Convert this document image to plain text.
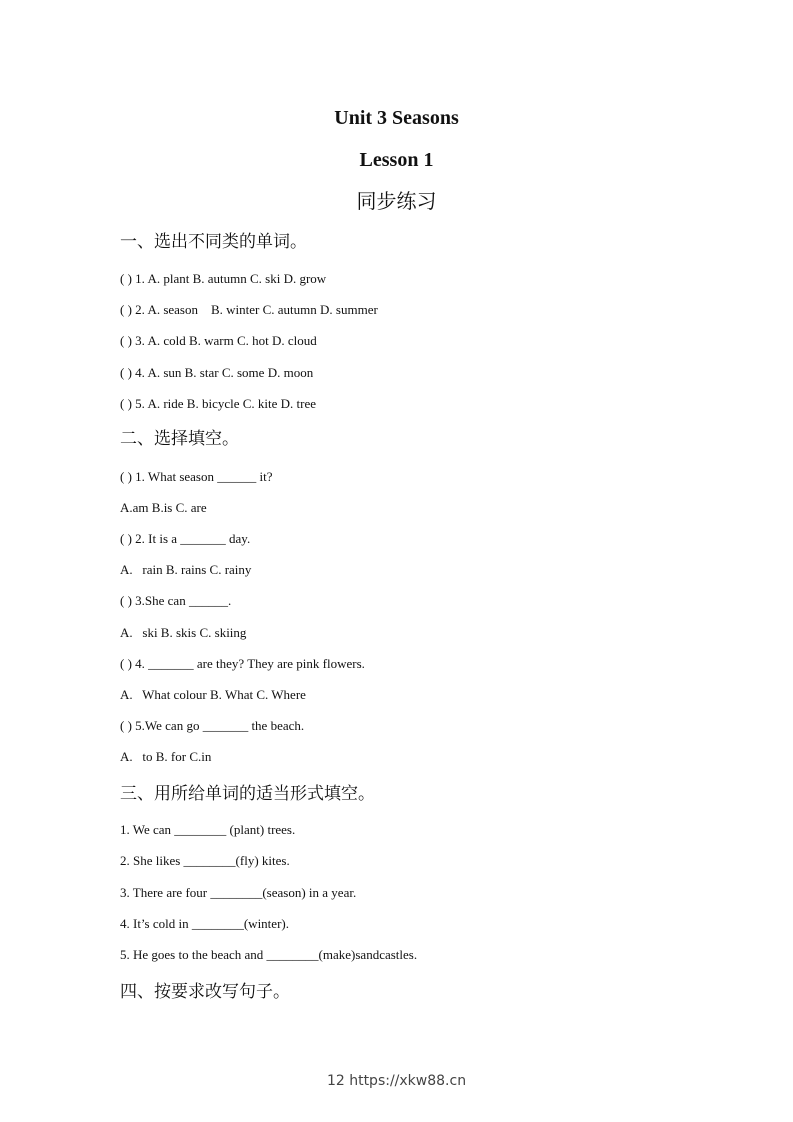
Unit 3 Seasons
Lesson 1
同步练习
一、选出不同类的单词。
( ) 1. A. plant B. autumn C. ski D. grow
( ) 2. A. season    B. winter C. autumn D. summer
( ) 3. A. cold B. warm C. hot D. cloud
( ) 4. A. sun B. star C. some D. moon
( ) 5. A. ride B. bicycle C. kite D. tree
二、选择填空。
( ) 1. What season ______ it?
A.am B.is C. are
( ) 2. It is a _______ day.
A.   rain B. rains C. rainy
( ) 3.She can ______.
A.   ski B. skis C. skiing
( ) 4. _______ are they? They are pink flowers.
A.   What colour B. What C. Where
( ) 5.We can go _______ the beach.
A.   to B. for C.in
三、用所给单词的适当形式填空。
1. We can ________ (plant) trees.
2. She likes ________(fly) kites.
3. There are four ________(season) in a year.
4. It’s cold in ________(winter).
5. He goes to the beach and ________(make)sandcastles.
四、按要求改写句子。
12 https://xkw88.cn
